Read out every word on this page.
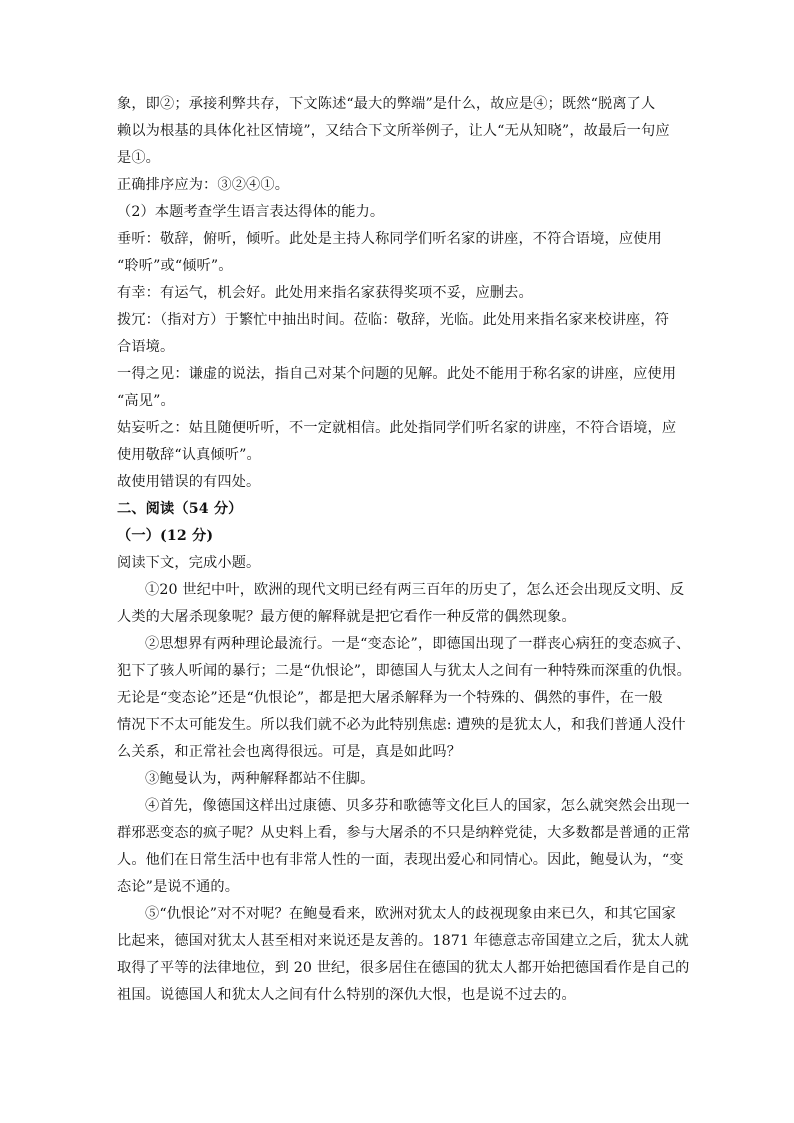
象，即②；承接利弊共存，下文陈述“最大的弊端”是什么，故应是④；既然“脱离了人
赖以为根基的具体化社区情境”，又结合下文所举例子，让人“无从知晓”，故最后一句应
是①。
正确排序应为：③②④①。
（2）本题考查学生语言表达得体的能力。
垂听：敬辞，俯听，倾听。此处是主持人称同学们听名家的讲座，不符合语境，应使用
“聆听”或“倾听”。
有幸：有运气，机会好。此处用来指名家获得奖项不妥，应删去。
拨冗：（指对方）于繁忙中抽出时间。莅临：敬辞，光临。此处用来指名家来校讲座，符
合语境。
一得之见：谦虚的说法，指自己对某个问题的见解。此处不能用于称名家的讲座，应使用
“高见”。
姑妄听之：姑且随便听听，不一定就相信。此处指同学们听名家的讲座，不符合语境，应
使用敬辞“认真倾听”。
故使用错误的有四处。
二、阅读（54 分）
（一）(12 分)
阅读下文，完成小题。
①20 世纪中叶，欧洲的现代文明已经有两三百年的历史了，怎么还会出现反文明、反
人类的大屠杀现象呢？最方便的解释就是把它看作一种反常的偶然现象。
②思想界有两种理论最流行。一是“变态论”，即德国出现了一群丧心病狂的变态疯子、
犯下了骇人听闻的暴行；二是“仇恨论”，即德国人与犹太人之间有一种特殊而深重的仇恨。
无论是“变态论”还是“仇恨论”，都是把大屠杀解释为一个特殊的、偶然的事件，在一般
情况下不太可能发生。所以我们就不必为此特别焦虑: 遭殃的是犹太人，和我们普通人没什
么关系，和正常社会也离得很远。可是，真是如此吗？
③鲍曼认为，两种解释都站不住脚。
④首先，像德国这样出过康德、贝多芬和歌德等文化巨人的国家，怎么就突然会出现一
群邪恶变态的疯子呢？从史料上看，参与大屠杀的不只是纳粹党徒，大多数都是普通的正常
人。他们在日常生活中也有非常人性的一面，表现出爱心和同情心。因此，鲍曼认为，“变
态论”是说不通的。
⑤“仇恨论”对不对呢？在鲍曼看来，欧洲对犹太人的歧视现象由来已久，和其它国家
比起来，德国对犹太人甚至相对来说还是友善的。1871 年德意志帝国建立之后，犹太人就
取得了平等的法律地位，到 20 世纪，很多居住在德国的犹太人都开始把德国看作是自己的
祖国。说德国人和犹太人之间有什么特别的深仇大恨，也是说不过去的。
